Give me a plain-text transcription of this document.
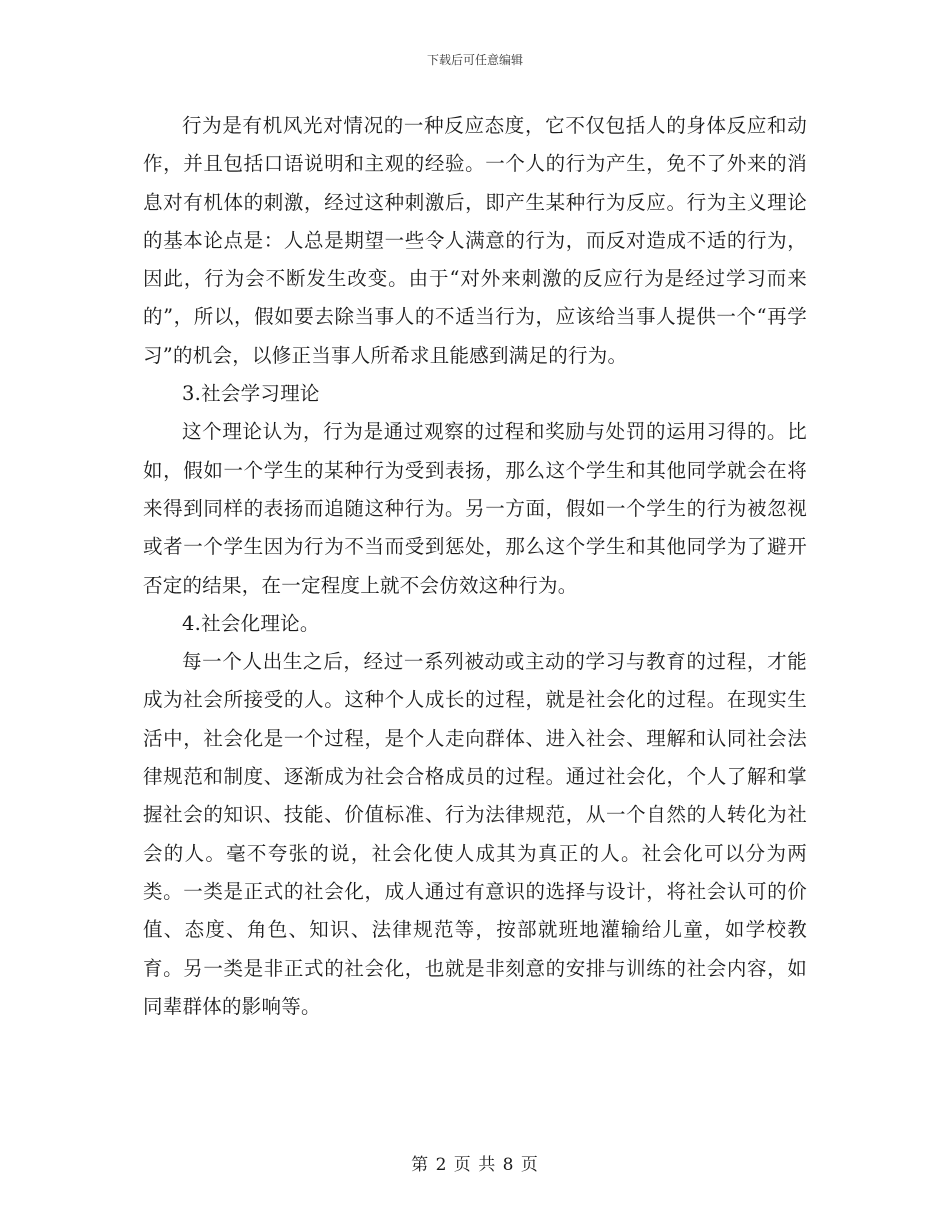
下载后可任意编辑

行为是有机风光对情况的一种反应态度，它不仅包括人的身体反应和动作，并且包括口语说明和主观的经验。一个人的行为产生，免不了外来的消息对有机体的刺激，经过这种刺激后，即产生某种行为反应。行为主义理论的基本论点是：人总是期望一些令人满意的行为，而反对造成不适的行为，因此，行为会不断发生改变。由于“对外来刺激的反应行为是经过学习而来的”，所以，假如要去除当事人的不适当行为，应该给当事人提供一个“再学习”的机会，以修正当事人所希求且能感到满足的行为。

3.社会学习理论

这个理论认为，行为是通过观察的过程和奖励与处罚的运用习得的。比如，假如一个学生的某种行为受到表扬，那么这个学生和其他同学就会在将来得到同样的表扬而追随这种行为。另一方面，假如一个学生的行为被忽视或者一个学生因为行为不当而受到惩处，那么这个学生和其他同学为了避开否定的结果，在一定程度上就不会仿效这种行为。

4.社会化理论。

每一个人出生之后，经过一系列被动或主动的学习与教育的过程，才能成为社会所接受的人。这种个人成长的过程，就是社会化的过程。在现实生活中，社会化是一个过程，是个人走向群体、进入社会、理解和认同社会法律规范和制度、逐渐成为社会合格成员的过程。通过社会化，个人了解和掌握社会的知识、技能、价值标准、行为法律规范，从一个自然的人转化为社会的人。毫不夸张的说，社会化使人成其为真正的人。社会化可以分为两类。一类是正式的社会化，成人通过有意识的选择与设计，将社会认可的价值、态度、角色、知识、法律规范等，按部就班地灌输给儿童，如学校教育。另一类是非正式的社会化，也就是非刻意的安排与训练的社会内容，如同辈群体的影响等。

第 2 页 共 8 页
